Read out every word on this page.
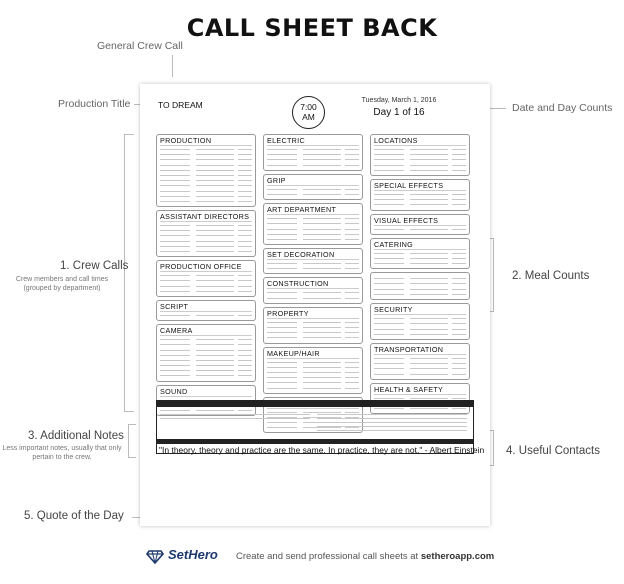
CALL SHEET BACK
General Crew Call
Production Title	Date and Day Counts
1. Crew Calls
Crew members and call times (grouped by department)
2. Meal Counts
3. Additional Notes
Less important notes, usually that only pertain to the crew.	4. Useful Contacts
5. Quote of the Day
TO DREAM	7:00
AM
Tuesday, March 1, 2016
Day 1 of 16
PRODUCTION
ASSISTANT DIRECTORS
PRODUCTION OFFICE
SCRIPT
CAMERA
SOUND
ELECTRIC
GRIP
ART DEPARTMENT
SET DECORATION
CONSTRUCTION
PROPERTY
MAKEUP/HAIR
LOCATIONS
SPECIAL EFFECTS
VISUAL EFFECTS
CATERING
SECURITY
TRANSPORTATION
HEALTH & SAFETY
"In theory, theory and practice are the same. In practice, they are not." - Albert Einstein
SetHero Create and send professional call sheets at setheroapp.com
